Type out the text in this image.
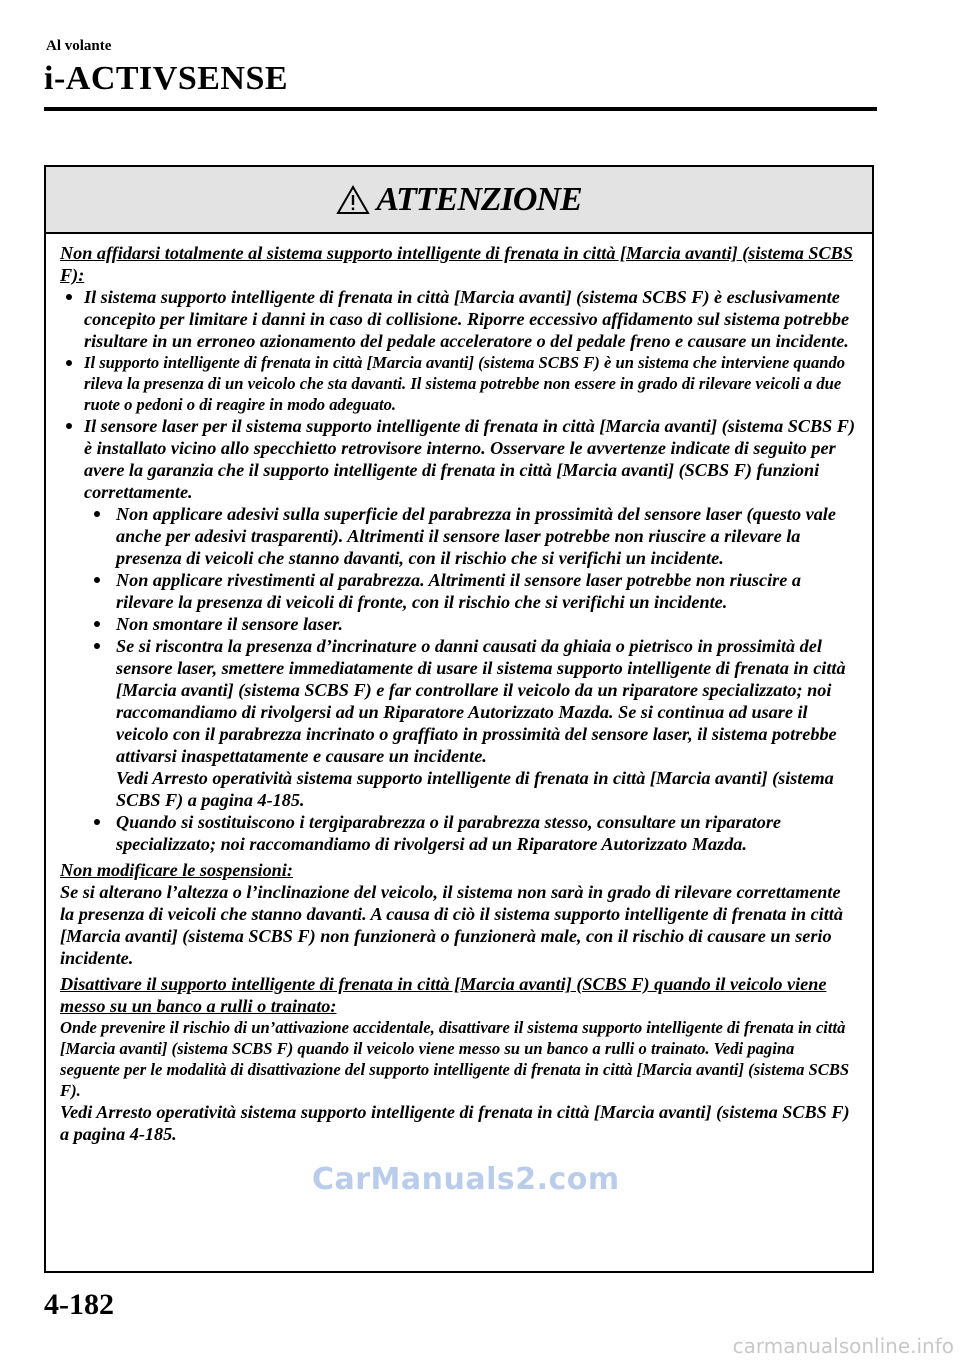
Al volante
i-ACTIVSENSE
ATTENZIONE

Non affidarsi totalmente al sistema supporto intelligente di frenata in città [Marcia avanti] (sistema SCBS F):

Il sistema supporto intelligente di frenata in città [Marcia avanti] (sistema SCBS F) è esclusivamente concepito per limitare i danni in caso di collisione. Riporre eccessivo affidamento sul sistema potrebbe risultare in un erroneo azionamento del pedale acceleratore o del pedale freno e causare un incidente.
Il supporto intelligente di frenata in città [Marcia avanti] (sistema SCBS F) è un sistema che interviene quando rileva la presenza di un veicolo che sta davanti. Il sistema potrebbe non essere in grado di rilevare veicoli a due ruote o pedoni o di reagire in modo adeguato.
Il sensore laser per il sistema supporto intelligente di frenata in città [Marcia avanti] (sistema SCBS F) è installato vicino allo specchietto retrovisore interno. Osservare le avvertenze indicate di seguito per avere la garanzia che il supporto intelligente di frenata in città [Marcia avanti] (SCBS F) funzioni correttamente.
Non applicare adesivi sulla superficie del parabrezza in prossimità del sensore laser (questo vale anche per adesivi trasparenti). Altrimenti il sensore laser potrebbe non riuscire a rilevare la presenza di veicoli che stanno davanti, con il rischio che si verifichi un incidente.
Non applicare rivestimenti al parabrezza. Altrimenti il sensore laser potrebbe non riuscire a rilevare la presenza di veicoli di fronte, con il rischio che si verifichi un incidente.
Non smontare il sensore laser.
Se si riscontra la presenza d’incrinature o danni causati da ghiaia o pietrisco in prossimità del sensore laser, smettere immediatamente di usare il sistema supporto intelligente di frenata in città [Marcia avanti] (sistema SCBS F) e far controllare il veicolo da un riparatore specializzato; noi raccomandiamo di rivolgersi ad un Riparatore Autorizzato Mazda. Se si continua ad usare il veicolo con il parabrezza incrinato o graffiato in prossimità del sensore laser, il sistema potrebbe attivarsi inaspettatamente e causare un incidente.
Vedi Arresto operatività sistema supporto intelligente di frenata in città [Marcia avanti] (sistema SCBS F) a pagina 4-185.
Quando si sostituiscono i tergiparabrezza o il parabrezza stesso, consultare un riparatore specializzato; noi raccomandiamo di rivolgersi ad un Riparatore Autorizzato Mazda.

Non modificare le sospensioni:

Se si alterano l’altezza o l’inclinazione del veicolo, il sistema non sarà in grado di rilevare correttamente la presenza di veicoli che stanno davanti. A causa di ciò il sistema supporto intelligente di frenata in città [Marcia avanti] (sistema SCBS F) non funzionerà o funzionerà male, con il rischio di causare un serio incidente.

Disattivare il supporto intelligente di frenata in città [Marcia avanti] (SCBS F) quando il veicolo viene messo su un banco a rulli o trainato:

Onde prevenire il rischio di un’attivazione accidentale, disattivare il sistema supporto intelligente di frenata in città [Marcia avanti] (sistema SCBS F) quando il veicolo viene messo su un banco a rulli o trainato. Vedi pagina seguente per le modalità di disattivazione del supporto intelligente di frenata in città [Marcia avanti] (sistema SCBS F).

Vedi Arresto operatività sistema supporto intelligente di frenata in città [Marcia avanti] (sistema SCBS F) a pagina 4-185.

CarManuals2.com
4-182
carmanualsonline.info
